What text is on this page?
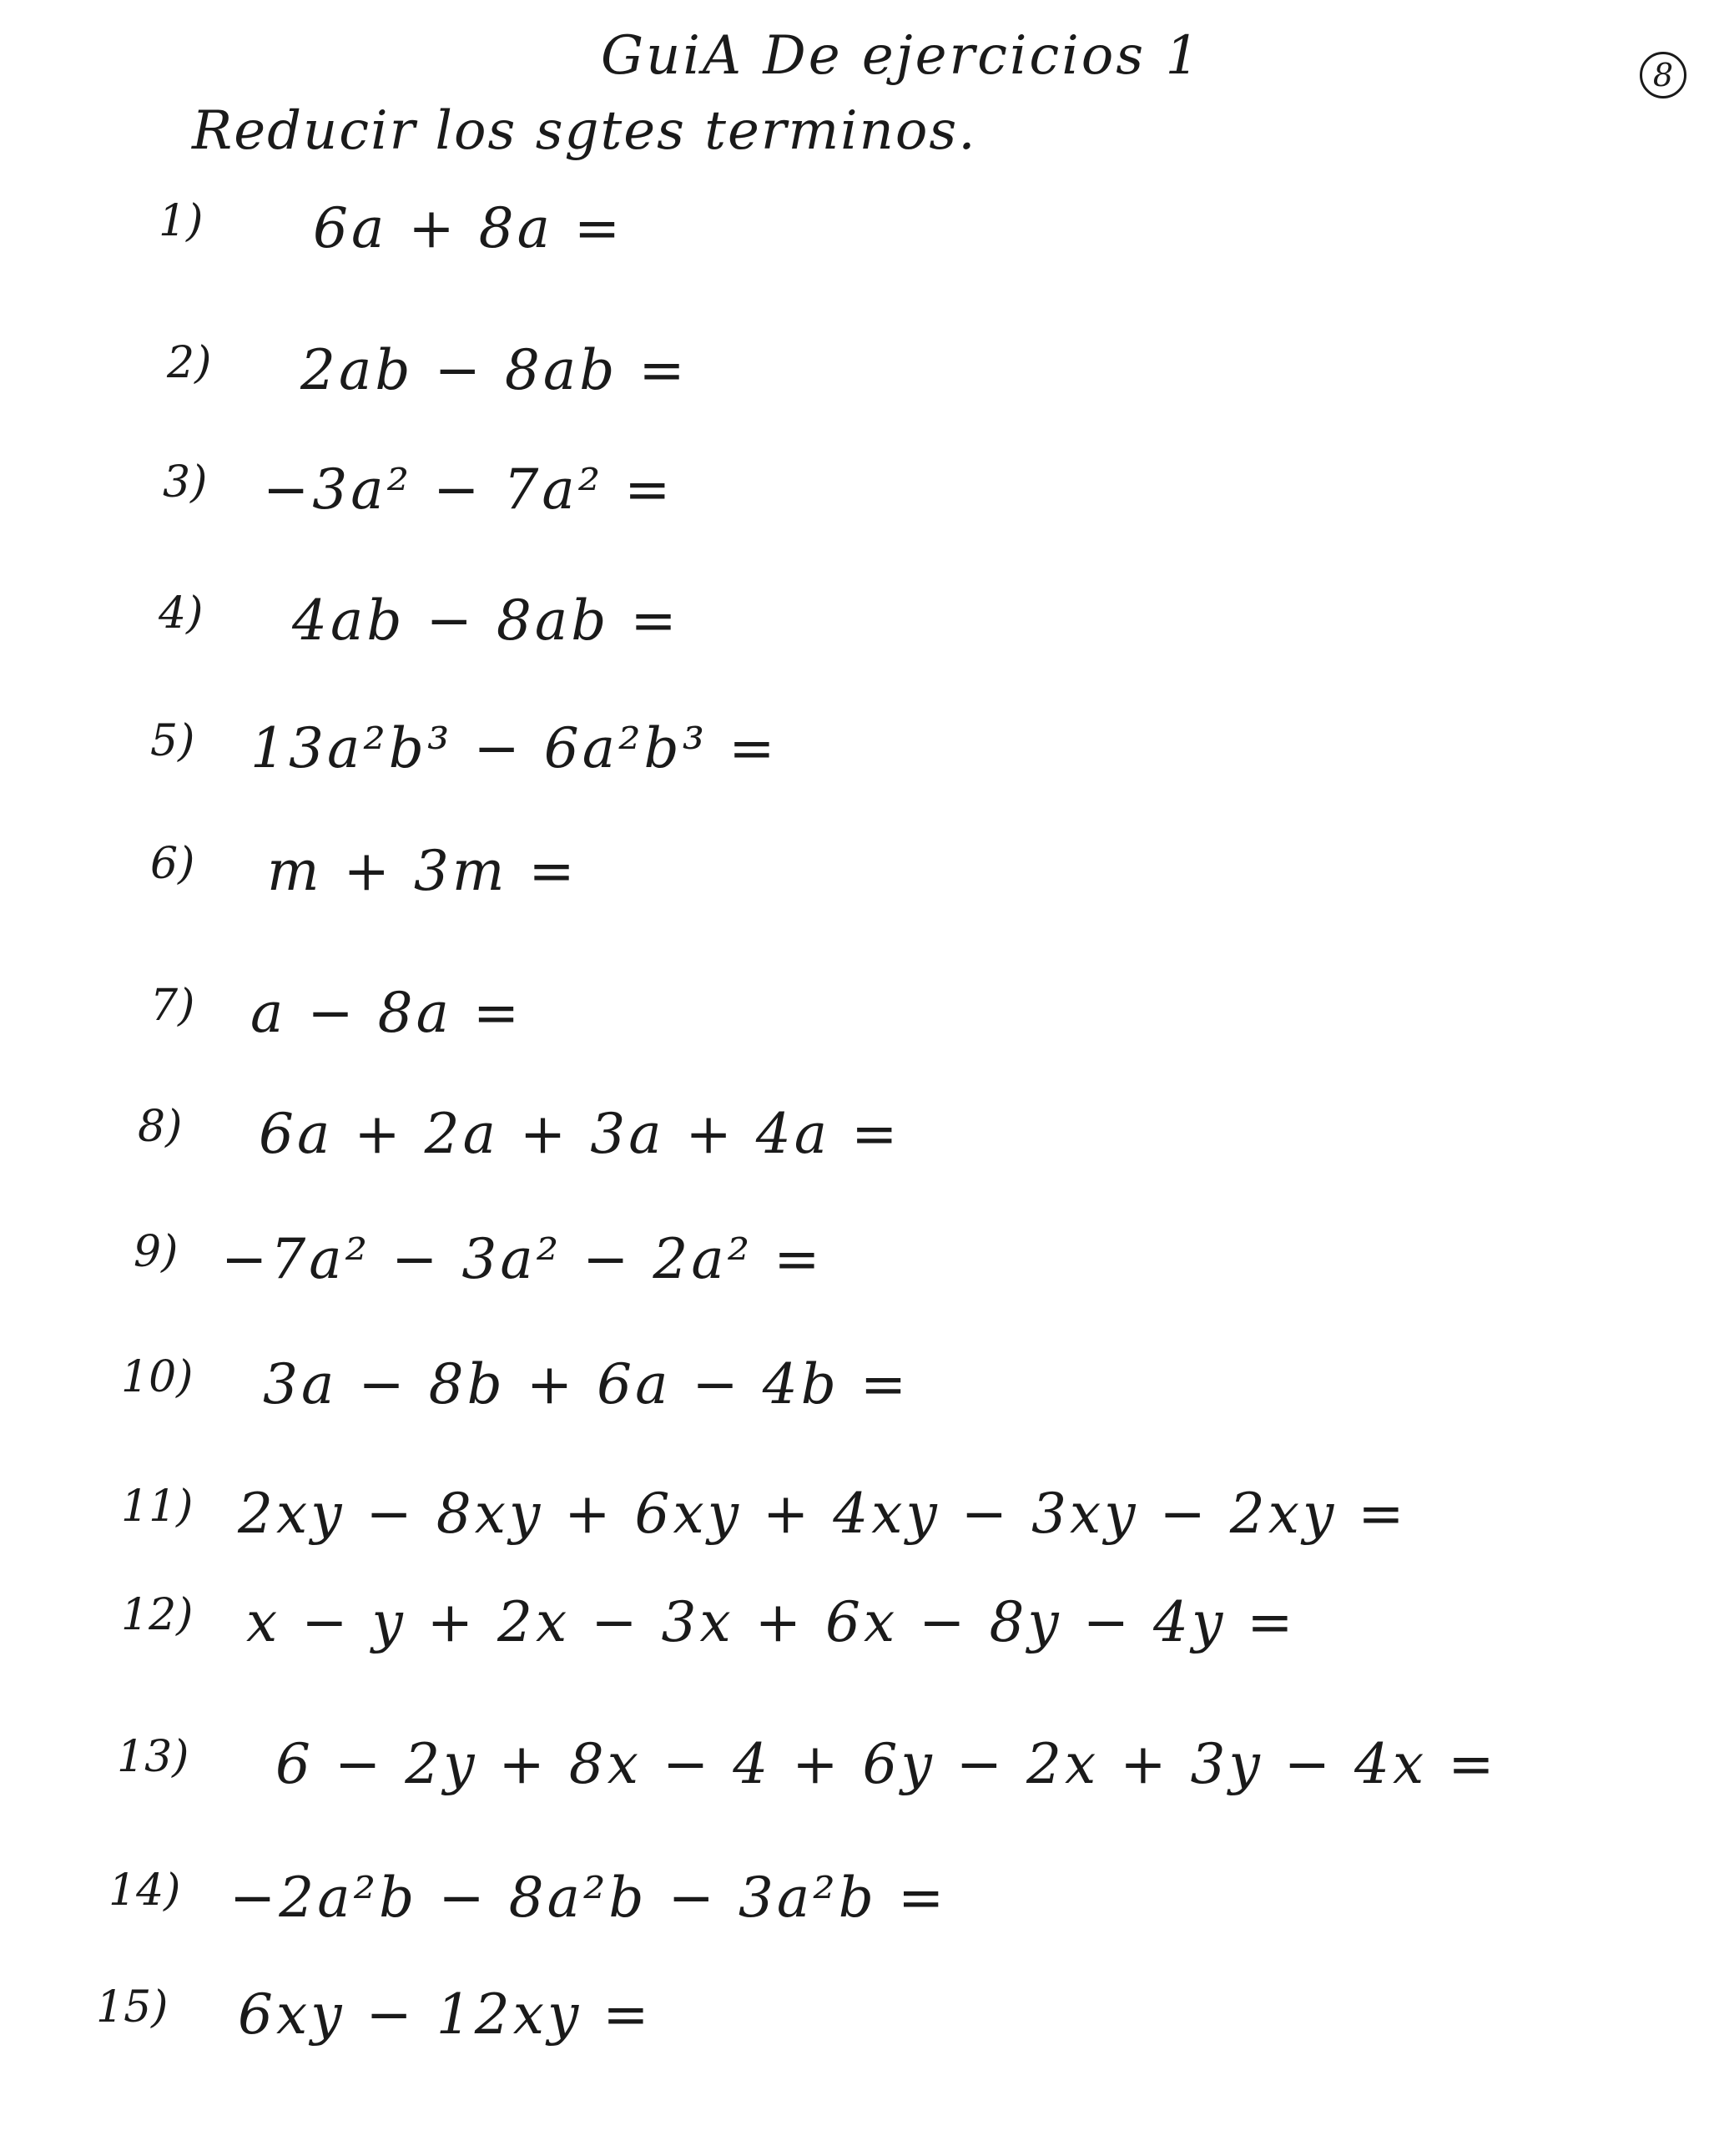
GuiA De ejercicios 1
Reducir los sgtes terminos.
8
1) 6a + 8a =
2) 2ab − 8ab =
3) −3a² − 7a² =
4) 4ab − 8ab =
5) 13a²b³ − 6a²b³ =
6) m + 3m =
7) a − 8a =
8) 6a + 2a + 3a + 4a =
9) −7a² − 3a² − 2a² =
10) 3a − 8b + 6a − 4b =
11) 2xy − 8xy + 6xy + 4xy − 3xy − 2xy =
12) x − y + 2x − 3x + 6x − 8y − 4y =
13) 6 − 2y + 8x − 4 + 6y − 2x + 3y − 4x =
14) −2a²b − 8a²b − 3a²b =
15) 6xy − 12xy =
